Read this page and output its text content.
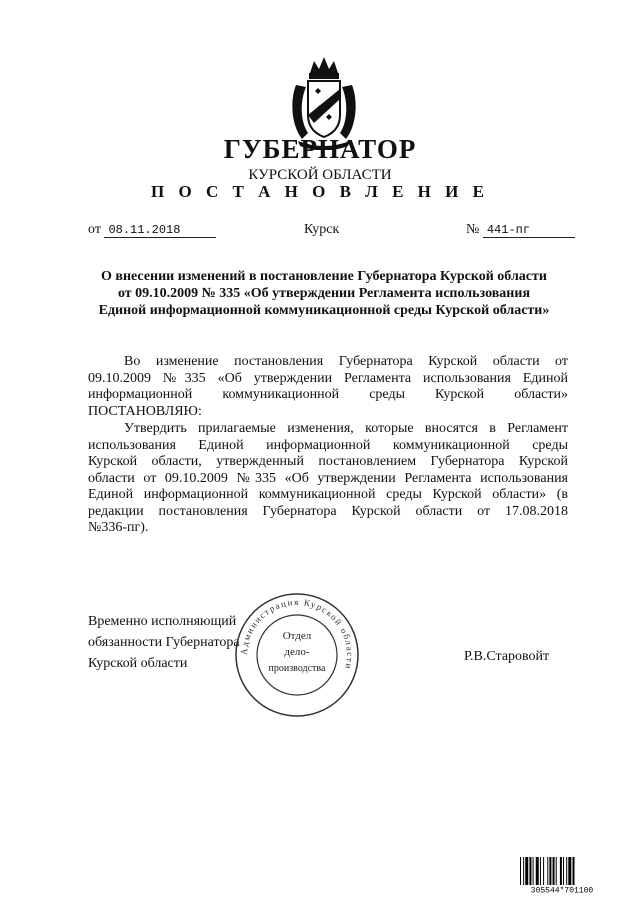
ГУБЕРНАТОР
КУРСКОЙ ОБЛАСТИ
П О С Т А Н О В Л Е Н И Е
от 08.11.2018	Курск	№ 441-пг
О внесении изменений в постановление Губернатора Курской области
от 09.10.2009 № 335 «Об утверждении Регламента использования
Единой информационной коммуникационной среды Курской области»
Во изменение постановления Губернатора Курской области от
09.10.2009 №335 «Об утверждении Регламента использования Единой
информационной коммуникационной среды Курской области»
ПОСТАНОВЛЯЮ:
Утвердить прилагаемые изменения, которые вносятся в Регламент
использования Единой информационной коммуникационной среды
Курской области, утвержденный постановлением Губернатора Курской
области от 09.10.2009 №335 «Об утверждении Регламента использования
Единой информационной коммуникационной среды Курской области» (в
редакции постановления Губернатора Курской области от 17.08.2018
№336-пг).
Временно исполняющий
обязанности Губернатора
Курской области	Р.В.Старовойт
Администрация Курской области
Отдел
дело-
производства
305544*701100
